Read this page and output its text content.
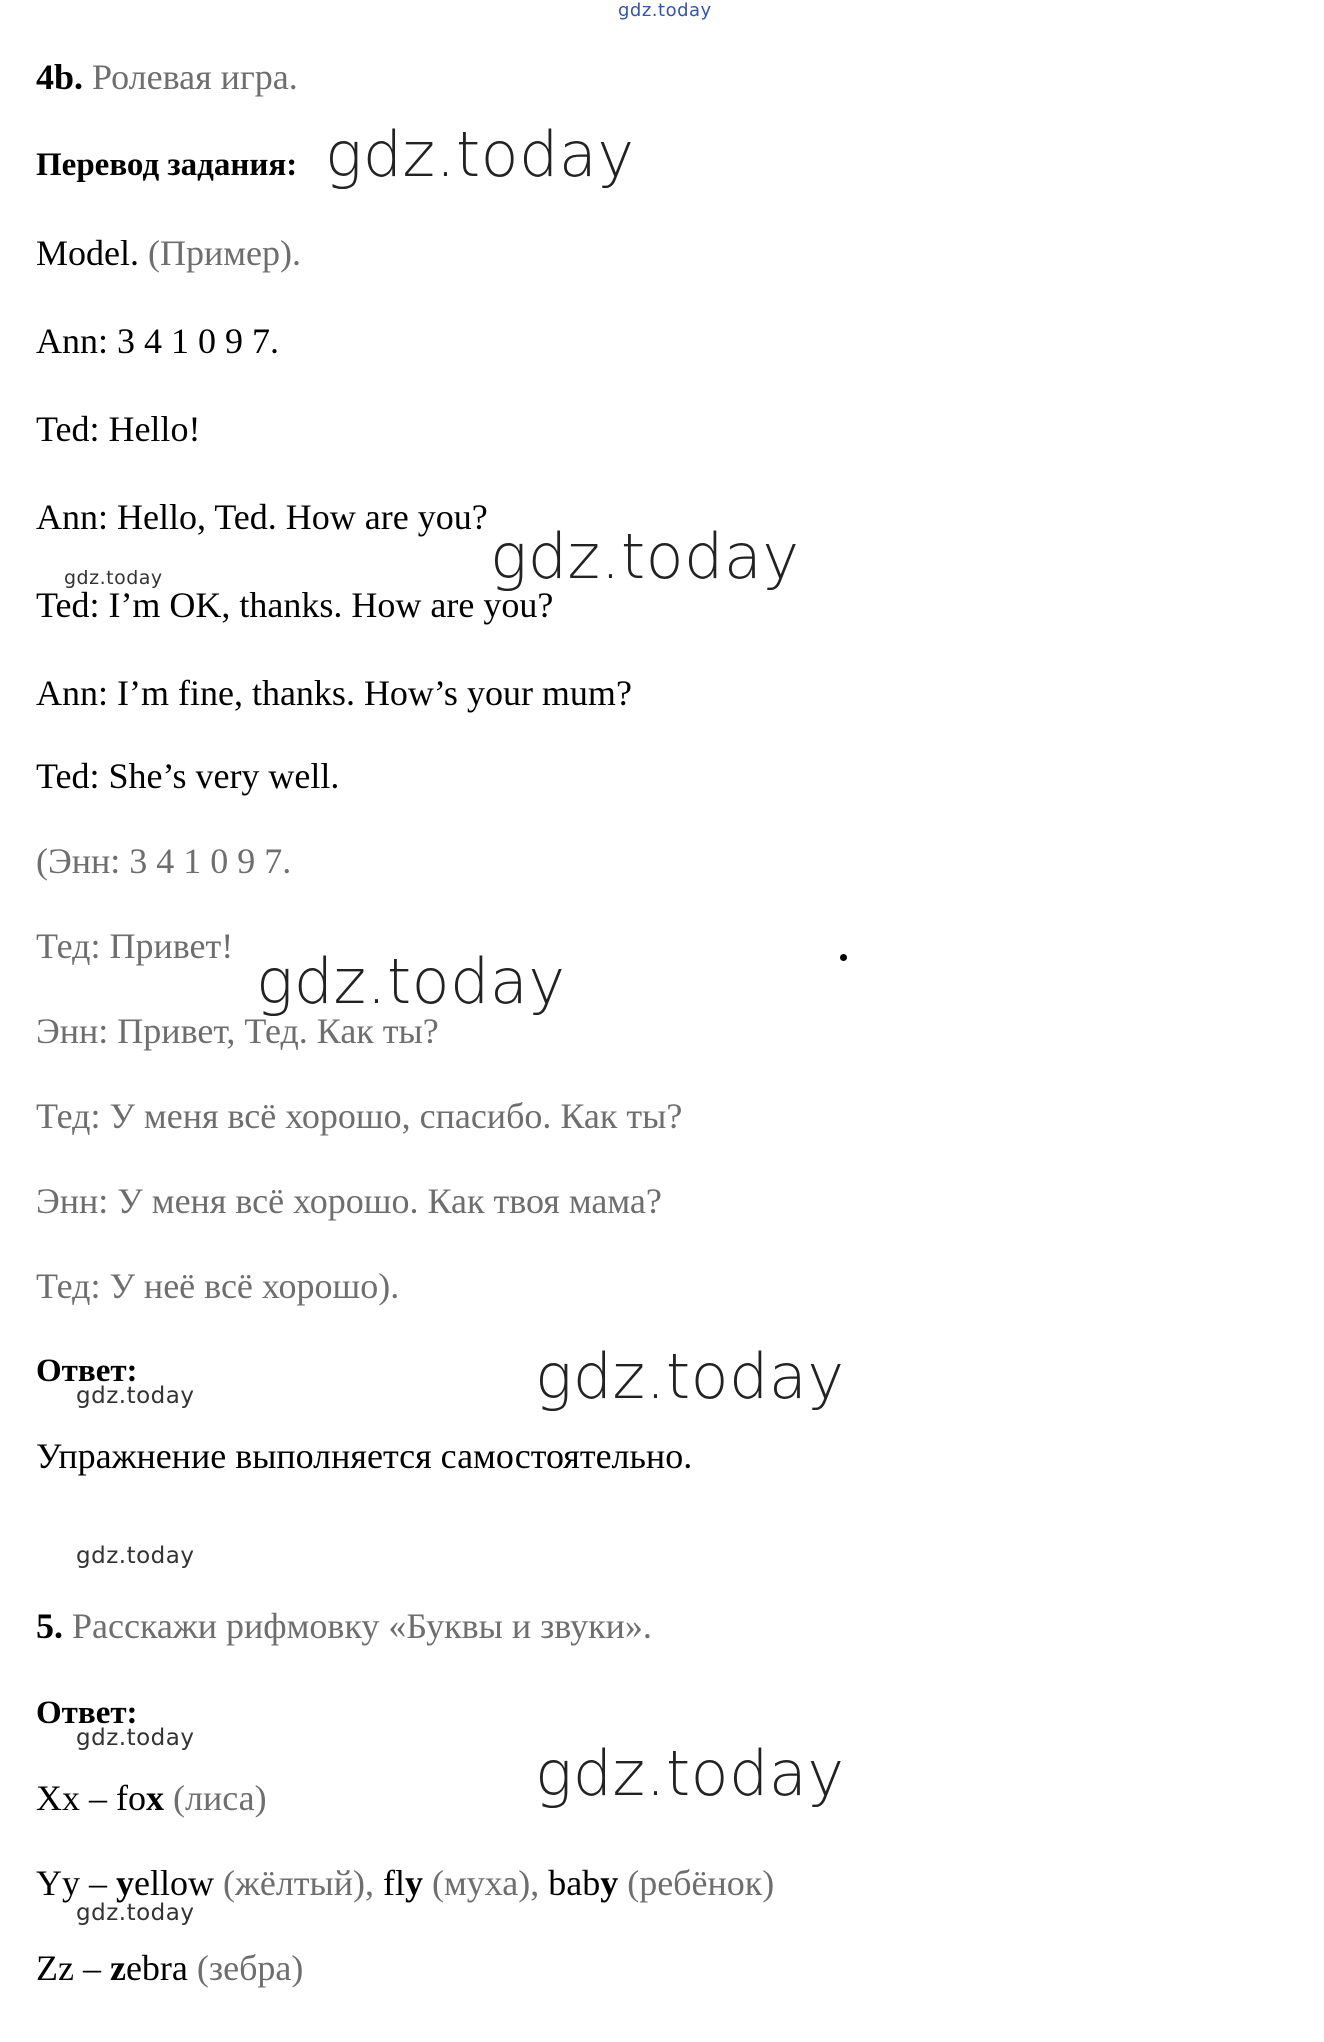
gdz.today
gdz.today
gdz.today
gdz.today
gdz.today
gdz.today
gdz.today
gdz.today
gdz.today	gdz.today
gdz.today
4b. Ролевая игра.
Перевод задания:
Model. (Пример).
Ann: 3 4 1 0 9 7.
Ted: Hello!
Ann: Hello, Ted. How are you?
Ted: I’m OK, thanks. How are you?
Ann: I’m fine, thanks. How’s your mum?
Ted: She’s very well.
(Энн: 3 4 1 0 9 7.
Тед: Привет!
Энн: Привет, Тед. Как ты?
Тед: У меня всё хорошо, спасибо. Как ты?
Энн: У меня всё хорошо. Как твоя мама?
Тед: У неё всё хорошо).
Ответ:
Упражнение выполняется самостоятельно.
5. Расскажи рифмовку «Буквы и звуки».
Ответ:
Xx – fox (лиса)
Yy – yellow (жёлтый), fly (муха), baby (ребёнок)
Zz – zebra (зебра)
